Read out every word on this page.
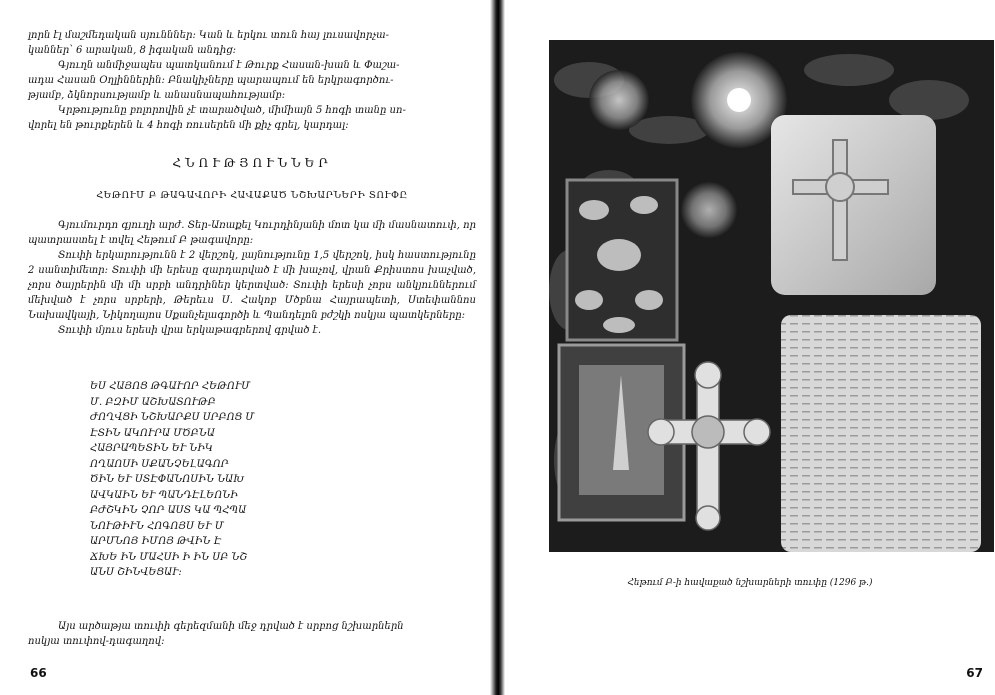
լորն էլ մաշմեդական սյունններ։ Կան և երկու տուն հայ լուսավորչա-

կաններ՝ 6 արական, 8 իգական անդից։

Գյուղն անմիջապես պատկանում է Թուրք Հասան-խան և Փաշա-

ադա Հասան Օղլիններին։ Բնակիչները պարապում են երկրագործու-

թյամբ, ձկնորսությամբ և անասնապահությամբ։

Կրթությունը բոլորովին չէ տարածված, միմիայն 5 հոգի տանը սո-

վորել են թուրքերեն և 4 հոգի ռուսերեն մի քիչ գրել, կարդալ։

ՀՆՈՒԹՅՈՒՆՆԵՐ
ՀԵԹՈՒՄ Բ ԹԱԳԱՎՈՐԻ ՀԱՎԱՔԱԾ ՆՇԽԱՐՆԵՐԻ ՏՈՒՓԸ

Գյումուրդո գյուղի արժ. Տեր-Առաքել Կուրդինյանի մոտ կա մի մասնատուփ, որ պատրաստել է տվել Հեթում Բ թագավորը։

Տուփի երկարությունն է 2 վերշոկ, լայնությունը 1,5 վերշոկ, իսկ հաստությունը 2 սանտիմետր։ Տուփի մի երեսը զարդարված է մի խաչով, վրան Քրիստոս խաչված, չորս ծայրերին մի մի սրբի անդրիներ կերտված։ Տուփի երեսի չորս անկյուններում մեխված է չորս սրբերի, Թերեւս Ս. Հակոբ Մծբնա Հայրապետի, Ստեփաննոս Նախավկայի, Նիկողայոս Սքանչելագործի և Պանդելոն բժշկի ոսկյա պատկերները։

Տուփի մյուս երեսի վրա երկաթագրերով գրված է.

ԵՍ ՀԱՅՈՑ ԹԳԱՒՈՐ ՀԵԹՈՒՄ
Մ. ԲԶԻՄ ԱՇԽԱՏՈՒԹԲ
ԺՈՂՎՑԻ ՆՇԽԱՐՔՍ ՍՐԲՈՑ Մ
ԷՏԻՆ ԱԿՈՒՐԱ ՄԾԲՆԱ
ՀԱՅՐԱՊԵՏԻՆ ԵՒ ՆԻԿ
ՈՂԱՈՍԻ ՍՔԱՆՉԵԼԱԳՈՐ
ԾԻՆ ԵՒ ՍՏԷՓԱՆՈՍԻՆ ՆԱԽ
ԱՎԿԱԻՆ ԵՒ ՊԱՆԴԷԼԵՈՆԻ
ԲԺՇԿԻՆ ՉՈՐ ԱՍՏ ԿԱ ՊՀՊԱ
ՆՈՒԹԻՒՆ ՀՈԳՈՅՍ ԵՒ Մ
ԱՐՄՆՈՅ ԻՄՈՅ ԹՎԻՆ Է
ՃԽԵ ԻՆ ՄԱՀՍԻ Ի ԻՆ ՍԲ ՆՇ
ԱՆՍ ՇԻՆՎԵՑԱՒ։

Այս արծաթյա տուփի գերեզմանի մեջ դրված է սրբոց նշխարներն

ոսկյա տուփով-դագաղով։

66
Հեթում Բ-ի հավաքած նշխարների տուփը (1296 թ.)
67
